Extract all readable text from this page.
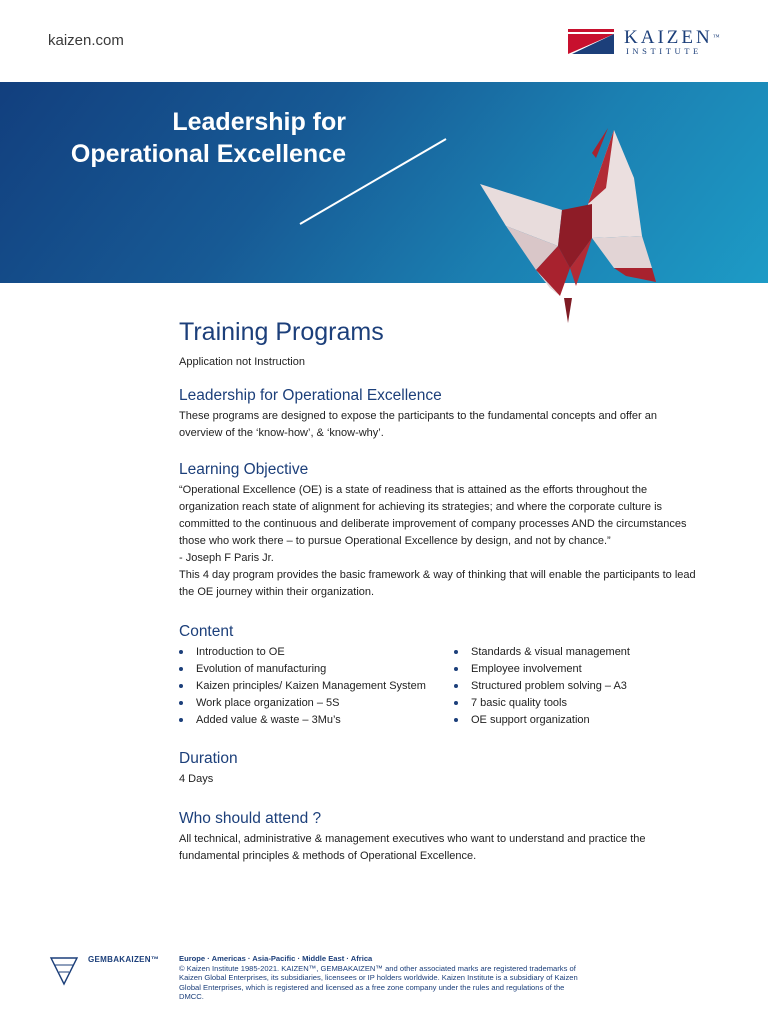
kaizen.com	KAIZEN™
INSTITUTE
Leadership for
Operational Excellence
Training Programs

Application not Instruction

Leadership for Operational Excellence

These programs are designed to expose the participants to the fundamental concepts and offer an overview of the ‘know-how’, & ‘know-why’.

Learning Objective

“Operational Excellence (OE) is a state of readiness that is attained as the efforts throughout the organization reach state of alignment for achieving its strategies; and where the corporate culture is committed to the continuous and deliberate improvement of company processes AND the circumstances those who work there – to pursue Operational Excellence by design, and not by chance.”

- Joseph F Paris Jr.

This 4 day program provides the basic framework & way of thinking that will enable the participants to lead the OE journey within their organization.

Content
Introduction to OE
Evolution of manufacturing
Kaizen principles/ Kaizen Management System
Work place organization – 5S
Added value & waste – 3Mu’s
Standards & visual management
Employee involvement
Structured problem solving – A3
7 basic quality tools
OE support organization
Duration

4 Days

Who should attend ?

All technical, administrative & management executives who want to understand and practice the fundamental principles & methods of Operational Excellence.

GEMBAKAIZEN™	Europe · Americas · Asia-Pacific · Middle East · Africa
© Kaizen Institute 1985-2021. KAIZEN™, GEMBAKAIZEN™ and other associated marks are registered trademarks of Kaizen Global Enterprises, its subsidiaries, licensees or IP holders worldwide. Kaizen Institute is a subsidiary of Kaizen Global Enterprises, which is registered and licensed as a free zone company under the rules and regulations of the DMCC.
